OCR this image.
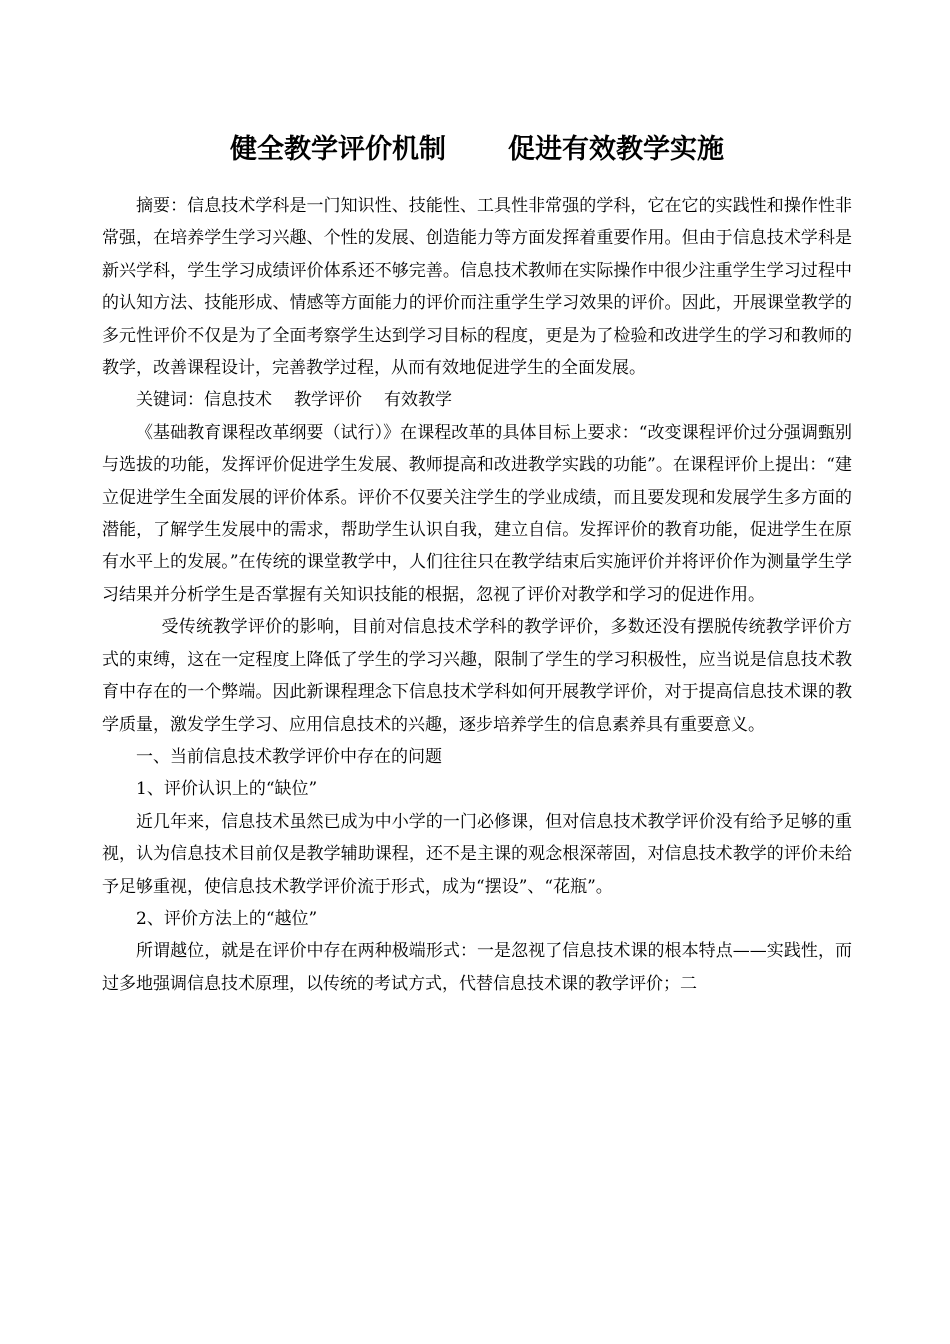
健全教学评价机制 促进有效教学实施

摘要：信息技术学科是一门知识性、技能性、工具性非常强的学科，它在它的实践性和操作性非常强，在培养学生学习兴趣、个性的发展、创造能力等方面发挥着重要作用。但由于信息技术学科是新兴学科，学生学习成绩评价体系还不够完善。信息技术教师在实际操作中很少注重学生学习过程中的认知方法、技能形成、情感等方面能力的评价而注重学生学习效果的评价。因此，开展课堂教学的多元性评价不仅是为了全面考察学生达到学习目标的程度，更是为了检验和改进学生的学习和教师的教学，改善课程设计，完善教学过程，从而有效地促进学生的全面发展。

关键词：信息技术 教学评价 有效教学

《基础教育课程改革纲要（试行）》在课程改革的具体目标上要求：“改变课程评价过分强调甄别与选拔的功能，发挥评价促进学生发展、教师提高和改进教学实践的功能”。在课程评价上提出：“建立促进学生全面发展的评价体系。评价不仅要关注学生的学业成绩，而且要发现和发展学生多方面的潜能，了解学生发展中的需求，帮助学生认识自我，建立自信。发挥评价的教育功能，促进学生在原有水平上的发展。”在传统的课堂教学中，人们往往只在教学结束后实施评价并将评价作为测量学生学习结果并分析学生是否掌握有关知识技能的根据，忽视了评价对教学和学习的促进作用。

受传统教学评价的影响，目前对信息技术学科的教学评价，多数还没有摆脱传统教学评价方式的束缚，这在一定程度上降低了学生的学习兴趣，限制了学生的学习积极性，应当说是信息技术教育中存在的一个弊端。因此新课程理念下信息技术学科如何开展教学评价，对于提高信息技术课的教学质量，激发学生学习、应用信息技术的兴趣，逐步培养学生的信息素养具有重要意义。

一、当前信息技术教学评价中存在的问题

1、评价认识上的“缺位”

近几年来，信息技术虽然已成为中小学的一门必修课，但对信息技术教学评价没有给予足够的重视，认为信息技术目前仅是教学辅助课程，还不是主课的观念根深蒂固，对信息技术教学的评价未给予足够重视，使信息技术教学评价流于形式，成为“摆设”、“花瓶”。

2、评价方法上的“越位”

所谓越位，就是在评价中存在两种极端形式：一是忽视了信息技术课的根本特点——实践性，而过多地强调信息技术原理，以传统的考试方式，代替信息技术课的教学评价；二
